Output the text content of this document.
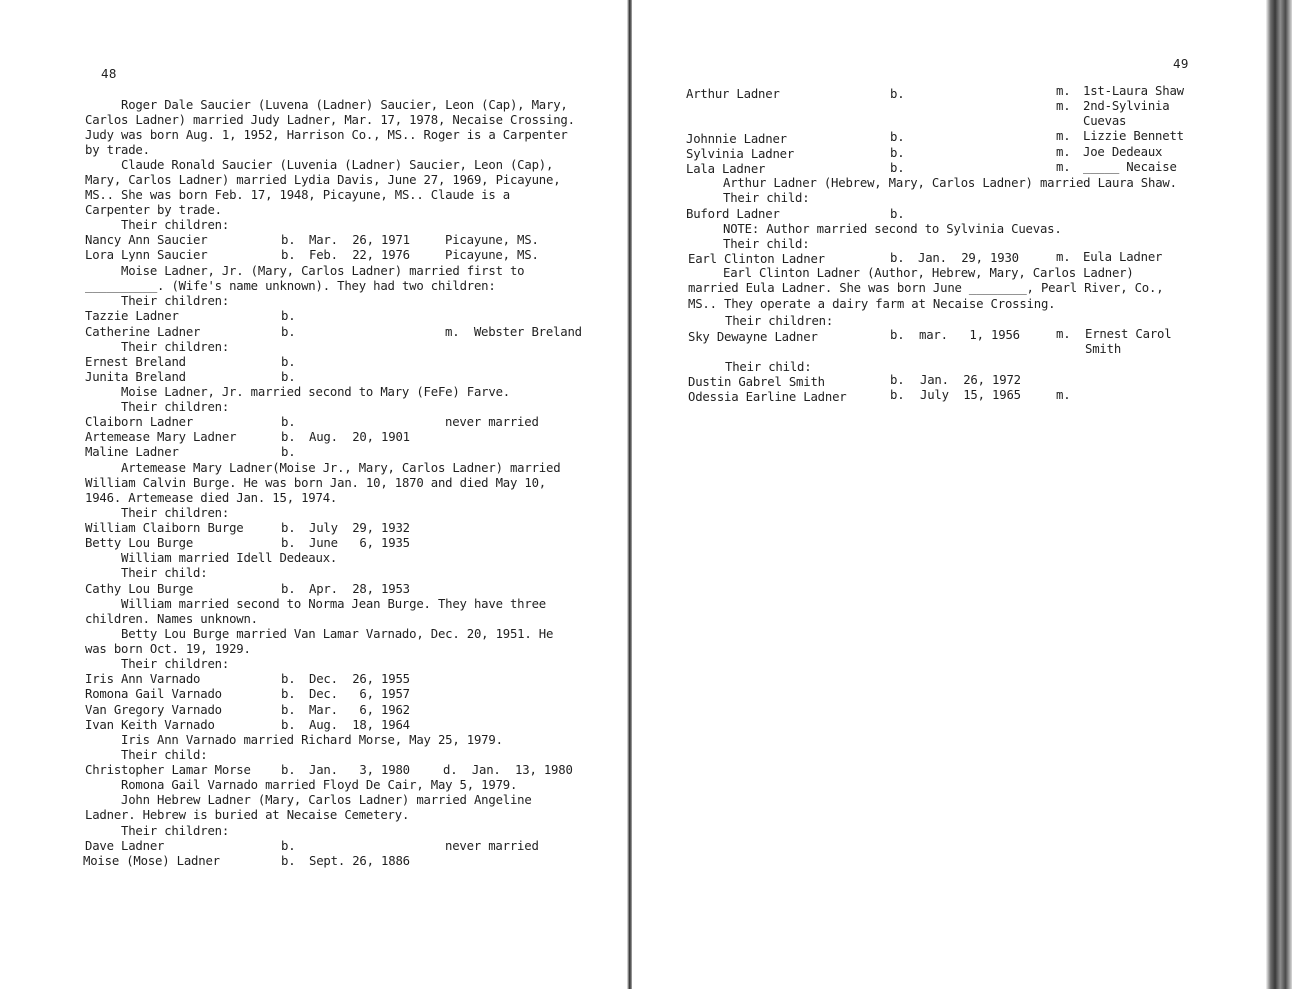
48
Roger Dale Saucier (Luvena (Ladner) Saucier, Leon (Cap), Mary,
Carlos Ladner) married Judy Ladner, Mar. 17, 1978, Necaise Crossing.
Judy was born Aug. 1, 1952, Harrison Co., MS.. Roger is a Carpenter
by trade.
Claude Ronald Saucier (Luvenia (Ladner) Saucier, Leon (Cap),
Mary, Carlos Ladner) married Lydia Davis, June 27, 1969, Picayune,
MS.. She was born Feb. 17, 1948, Picayune, MS.. Claude is a
Carpenter by trade.
Their children:
Nancy Ann Saucier	b. Mar.  26, 1971	Picayune, MS.
Lora Lynn Saucier	b. Feb.  22, 1976	Picayune, MS.
Moise Ladner, Jr. (Mary, Carlos Ladner) married first to
__________. (Wife's name unknown). They had two children:
Their children:
Tazzie Ladner	b.
Catherine Ladner	b.	m.  Webster Breland
Their children:
Ernest Breland	b.
Junita Breland	b.
Moise Ladner, Jr. married second to Mary (FeFe) Farve.
Their children:
Claiborn Ladner	b.	never married
Artemease Mary Ladner	b. Aug.  20, 1901
Maline Ladner	b.
Artemease Mary Ladner(Moise Jr., Mary, Carlos Ladner) married
William Calvin Burge. He was born Jan. 10, 1870 and died May 10,
1946. Artemease died Jan. 15, 1974.
Their children:
William Claiborn Burge	b. July  29, 1932
Betty Lou Burge	b. June   6, 1935
William married Idell Dedeaux.
Their child:
Cathy Lou Burge	b. Apr.  28, 1953
William married second to Norma Jean Burge. They have three
children. Names unknown.
Betty Lou Burge married Van Lamar Varnado, Dec. 20, 1951. He
was born Oct. 19, 1929.
Their children:
Iris Ann Varnado	b. Dec.  26, 1955
Romona Gail Varnado	b. Dec.   6, 1957
Van Gregory Varnado	b. Mar.   6, 1962
Ivan Keith Varnado	b. Aug.  18, 1964
Iris Ann Varnado married Richard Morse, May 25, 1979.
Their child:
Christopher Lamar Morse b. Jan.   3, 1980	d.  Jan.  13, 1980
Romona Gail Varnado married Floyd De Cair, May 5, 1979.
John Hebrew Ladner (Mary, Carlos Ladner) married Angeline
Ladner. Hebrew is buried at Necaise Cemetery.
Their children:
Dave Ladner	b.	never married
Moise (Mose) Ladner	b. Sept. 26, 1886
49
Arthur Ladner	b.	m. 1st-Laura Shaw
m. 2nd-Sylvinia
Cuevas
Johnnie Ladner	b.	m. Lizzie Bennett
Sylvinia Ladner	b.	m. Joe Dedeaux
Lala Ladner	b.	m. _____ Necaise
Arthur Ladner (Hebrew, Mary, Carlos Ladner) married Laura Shaw.
Their child:
Buford Ladner	b.
NOTE: Author married second to Sylvinia Cuevas.
Their child:
Earl Clinton Ladner	b. Jan.  29, 1930	m. Eula Ladner
Earl Clinton Ladner (Author, Hebrew, Mary, Carlos Ladner)
married Eula Ladner. She was born June ________, Pearl River, Co.,
MS.. They operate a dairy farm at Necaise Crossing.
Their children:
Sky Dewayne Ladner	b. mar.   1, 1956	m. Ernest Carol
Smith
Their child:
Dustin Gabrel Smith	b. Jan.  26, 1972
Odessia Earline Ladner	b. July  15, 1965	m.
